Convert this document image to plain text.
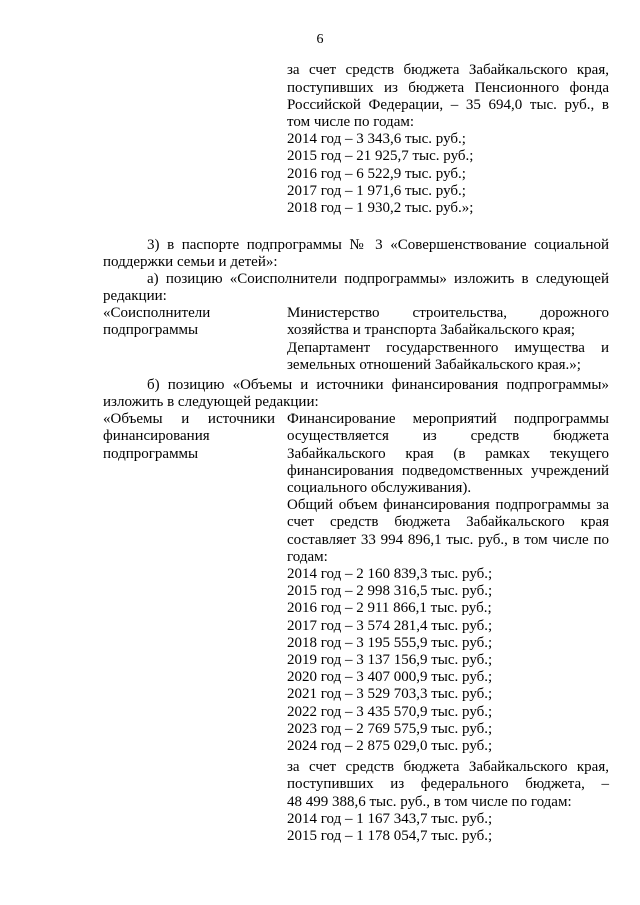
6
за счет средств бюджета Забайкальского края,
поступивших из бюджета Пенсионного фонда
Российской Федерации, – 35 694,0 тыс. руб., в
том числе по годам:
2014 год – 3 343,6 тыс. руб.;
2015 год – 21 925,7 тыс. руб.;
2016 год – 6 522,9 тыс. руб.;
2017 год – 1 971,6 тыс. руб.;
2018 год – 1 930,2 тыс. руб.»;
3) в паспорте подпрограммы № 3 «Совершенствование социальной
поддержки семьи и детей»:
а) позицию «Соисполнители подпрограммы» изложить в следующей
редакции:
«Соисполнители
подпрограммы
Министерство строительства, дорожного
хозяйства и транспорта Забайкальского края;
Департамент государственного имущества и
земельных отношений Забайкальского края.»;
б) позицию «Объемы и источники финансирования подпрограммы»
изложить в следующей редакции:
«Объемы и источники
финансирования
подпрограммы
Финансирование мероприятий подпрограммы
осуществляется из средств бюджета
Забайкальского края (в рамках текущего
финансирования подведомственных учреждений
социального обслуживания).
Общий объем финансирования подпрограммы за
счет средств бюджета Забайкальского края
составляет 33 994 896,1 тыс. руб., в том числе по
годам:
2014 год – 2 160 839,3 тыс. руб.;
2015 год – 2 998 316,5 тыс. руб.;
2016 год – 2 911 866,1 тыс. руб.;
2017 год – 3 574 281,4 тыс. руб.;
2018 год – 3 195 555,9 тыс. руб.;
2019 год – 3 137 156,9 тыс. руб.;
2020 год – 3 407 000,9 тыс. руб.;
2021 год – 3 529 703,3 тыс. руб.;
2022 год – 3 435 570,9 тыс. руб.;
2023 год – 2 769 575,9 тыс. руб.;
2024 год – 2 875 029,0 тыс. руб.;
за счет средств бюджета Забайкальского края,
поступивших из федерального бюджета, –
48 499 388,6 тыс. руб., в том числе по годам:
2014 год – 1 167 343,7 тыс. руб.;
2015 год – 1 178 054,7 тыс. руб.;
